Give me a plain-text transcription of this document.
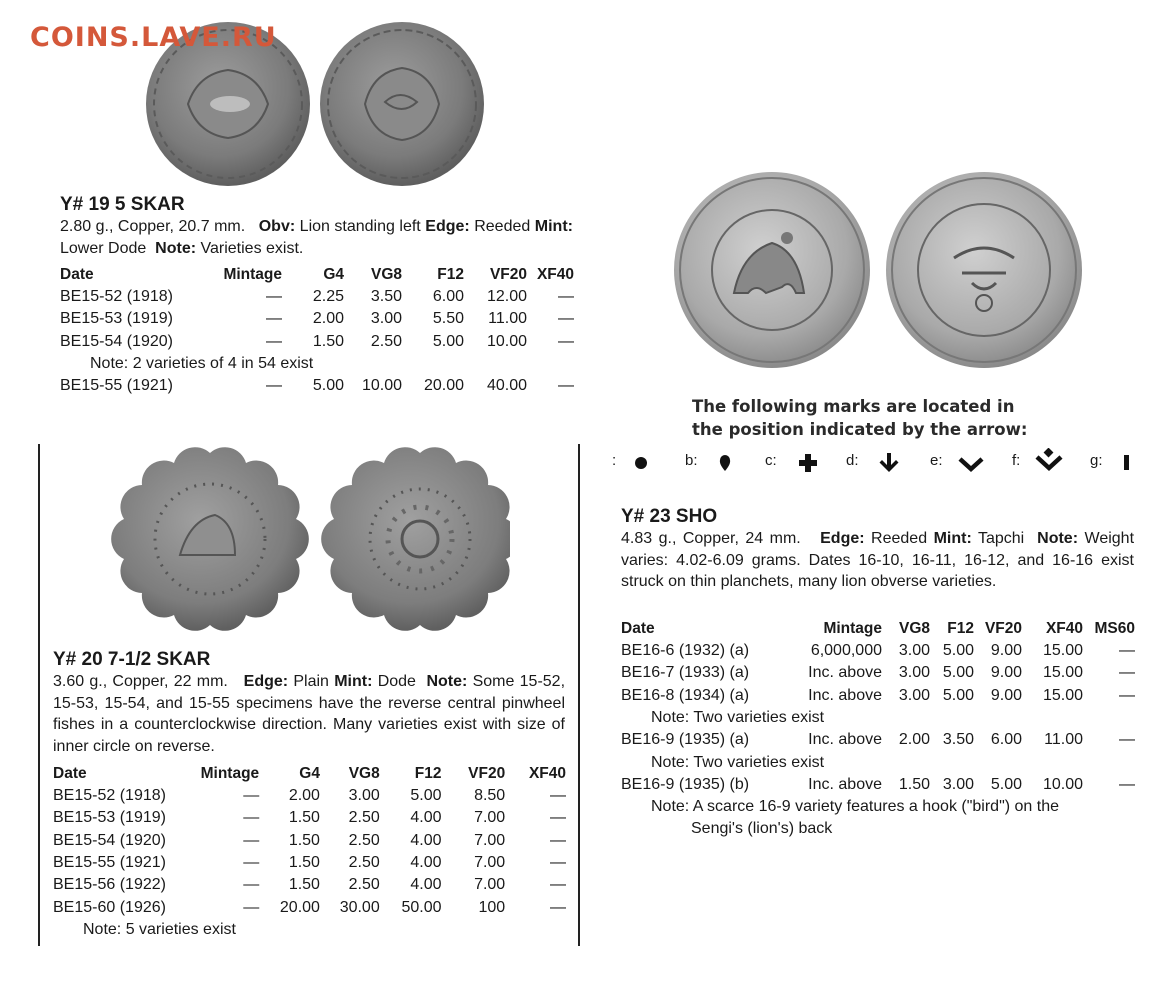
COINS.LAVE.RU
Y# 19 5 SKAR
2.80 g., Copper, 20.7 mm. Obv: Lion standing left Edge: Reeded Mint: Lower Dode Note: Varieties exist.
Date	Mintage	G4	VG8	F12	VF20	XF40
BE15-52 (1918)	—	2.25	3.50	6.00	12.00	—
BE15-53 (1919)	—	2.00	3.00	5.50	11.00	—
BE15-54 (1920)	—	1.50	2.50	5.00	10.00	—
Note: 2 varieties of 4 in 54 exist						
BE15-55 (1921)	—	5.00	10.00	20.00	40.00	—
Y# 20 7-1/2 SKAR
3.60 g., Copper, 22 mm. Edge: Plain Mint: Dode Note: Some 15-52, 15-53, 15-54, and 15-55 specimens have the reverse central pinwheel fishes in a counterclockwise direction. Many varieties exist with size of inner circle on reverse.
Date	Mintage	G4	VG8	F12	VF20	XF40
BE15-52 (1918)	—	2.00	3.00	5.00	8.50	—
BE15-53 (1919)	—	1.50	2.50	4.00	7.00	—
BE15-54 (1920)	—	1.50	2.50	4.00	7.00	—
BE15-55 (1921)	—	1.50	2.50	4.00	7.00	—
BE15-56 (1922)	—	1.50	2.50	4.00	7.00	—
BE15-60 (1926)	—	20.00	30.00	50.00	100	—
Note: 5 varieties exist						
The following marks are located in
the position indicated by the arrow:
:	b:	c:	d:	e:	f:	g:
Y# 23 SHO
4.83 g., Copper, 24 mm. Edge: Reeded Mint: Tapchi Note: Weight varies: 4.02-6.09 grams. Dates 16-10, 16-11, 16-12, and 16-16 exist struck on thin planchets, many lion obverse varieties.
Date	Mintage	VG8	F12	VF20	XF40	MS60
BE16-6 (1932) (a)	6,000,000	3.00	5.00	9.00	15.00	—
BE16-7 (1933) (a)	Inc. above	3.00	5.00	9.00	15.00	—
BE16-8 (1934) (a)	Inc. above	3.00	5.00	9.00	15.00	—
Note: Two varieties exist						
BE16-9 (1935) (a)	Inc. above	2.00	3.50	6.00	11.00	—
Note: Two varieties exist						
BE16-9 (1935) (b)	Inc. above	1.50	3.00	5.00	10.00	—

Note: A scarce 16-9 variety features a hook ("bird") on the
Sengi's (lion's) back						
